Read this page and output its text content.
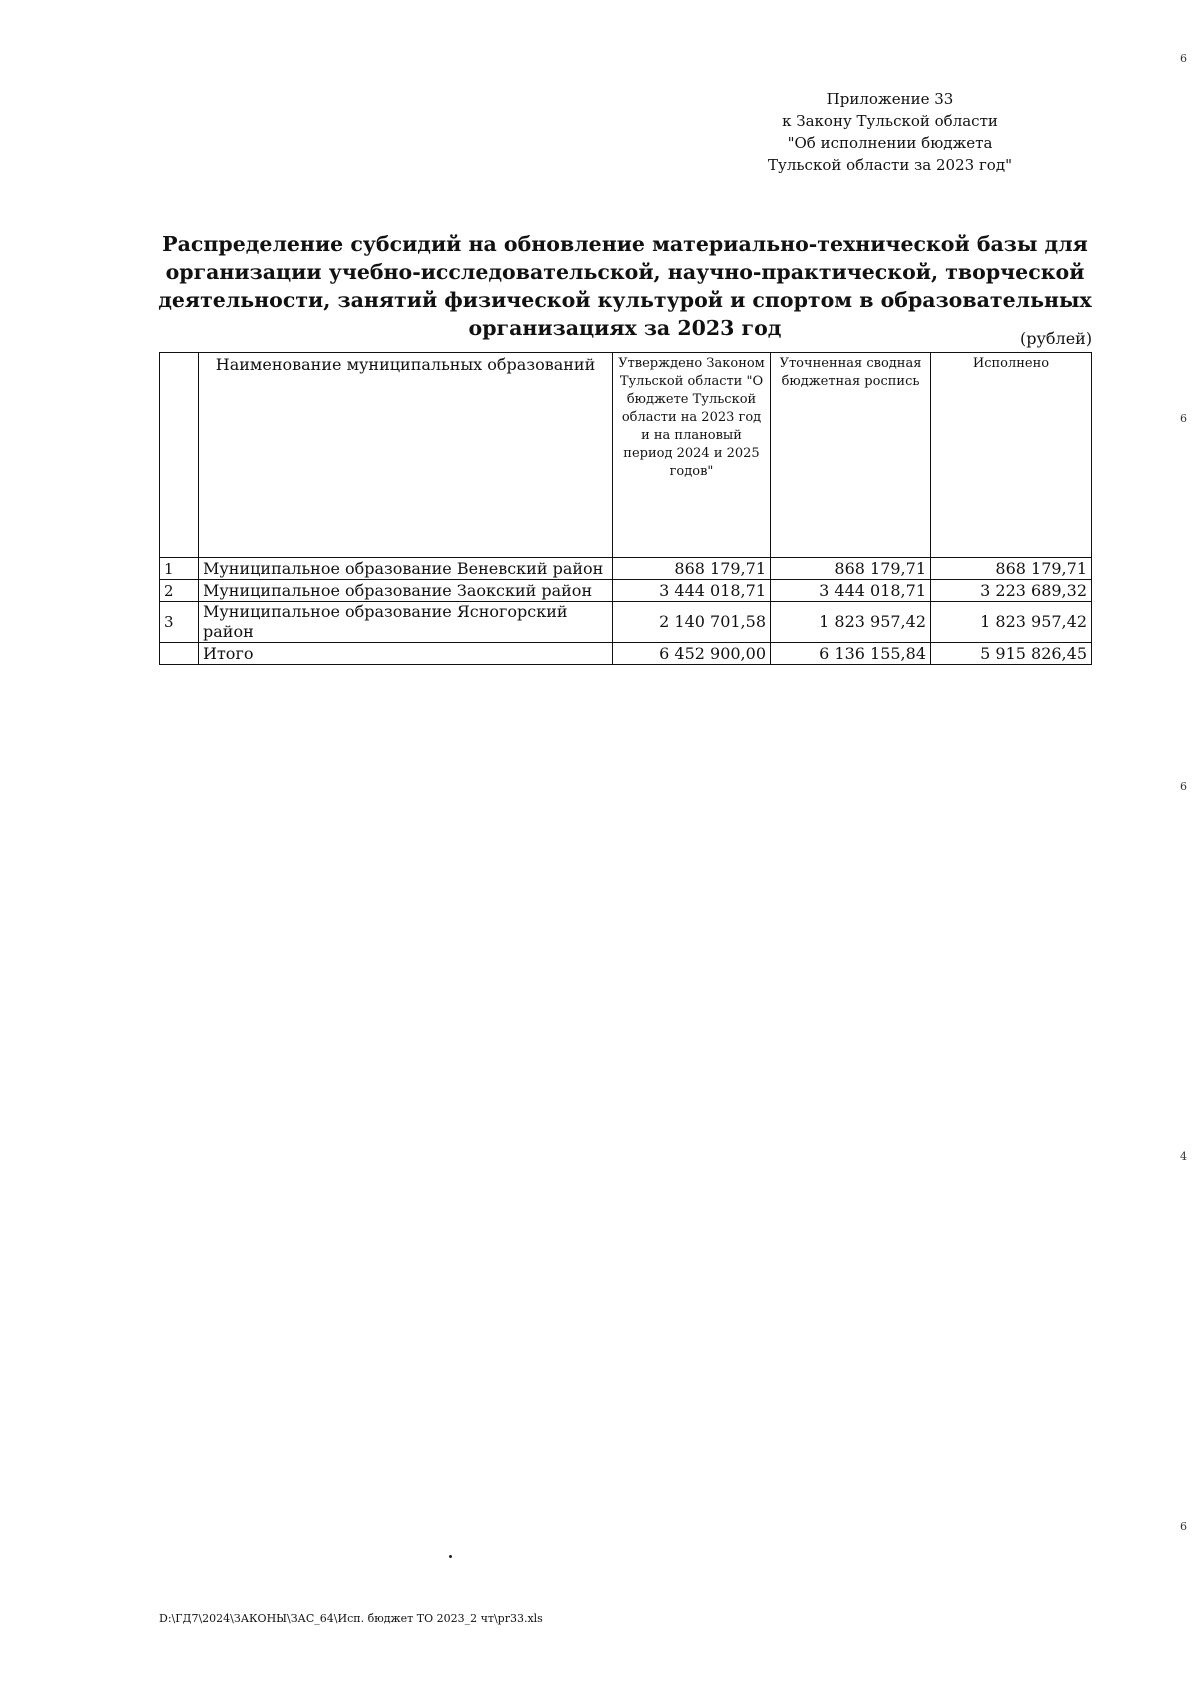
Приложение 33
к Закону Тульской области
"Об исполнении бюджета
Тульской области за 2023 год"
Распределение субсидий на обновление материально-технической базы для организации учебно-исследовательской, научно-практической, творческой деятельности, занятий физической культурой и спортом в образовательных организациях за 2023 год	(рублей)
	Наименование муниципальных образований	Утверждено Законом Тульской области "О бюджете Тульской области на 2023 год и на плановый период 2024 и 2025 годов"	Уточненная сводная бюджетная роспись	Исполнено
1	Муниципальное образование Веневский район	868 179,71	868 179,71	868 179,71
2	Муниципальное образование Заокский район	3 444 018,71	3 444 018,71	3 223 689,32
3	Муниципальное образование Ясногорский район	2 140 701,58	1 823 957,42	1 823 957,42
	Итого	6 452 900,00	6 136 155,84	5 915 826,45
6
6
6
4
6
D:\ГД7\2024\ЗАКОНЫ\ЗАС_64\Исп. бюджет ТО 2023_2 чт\pr33.xls
